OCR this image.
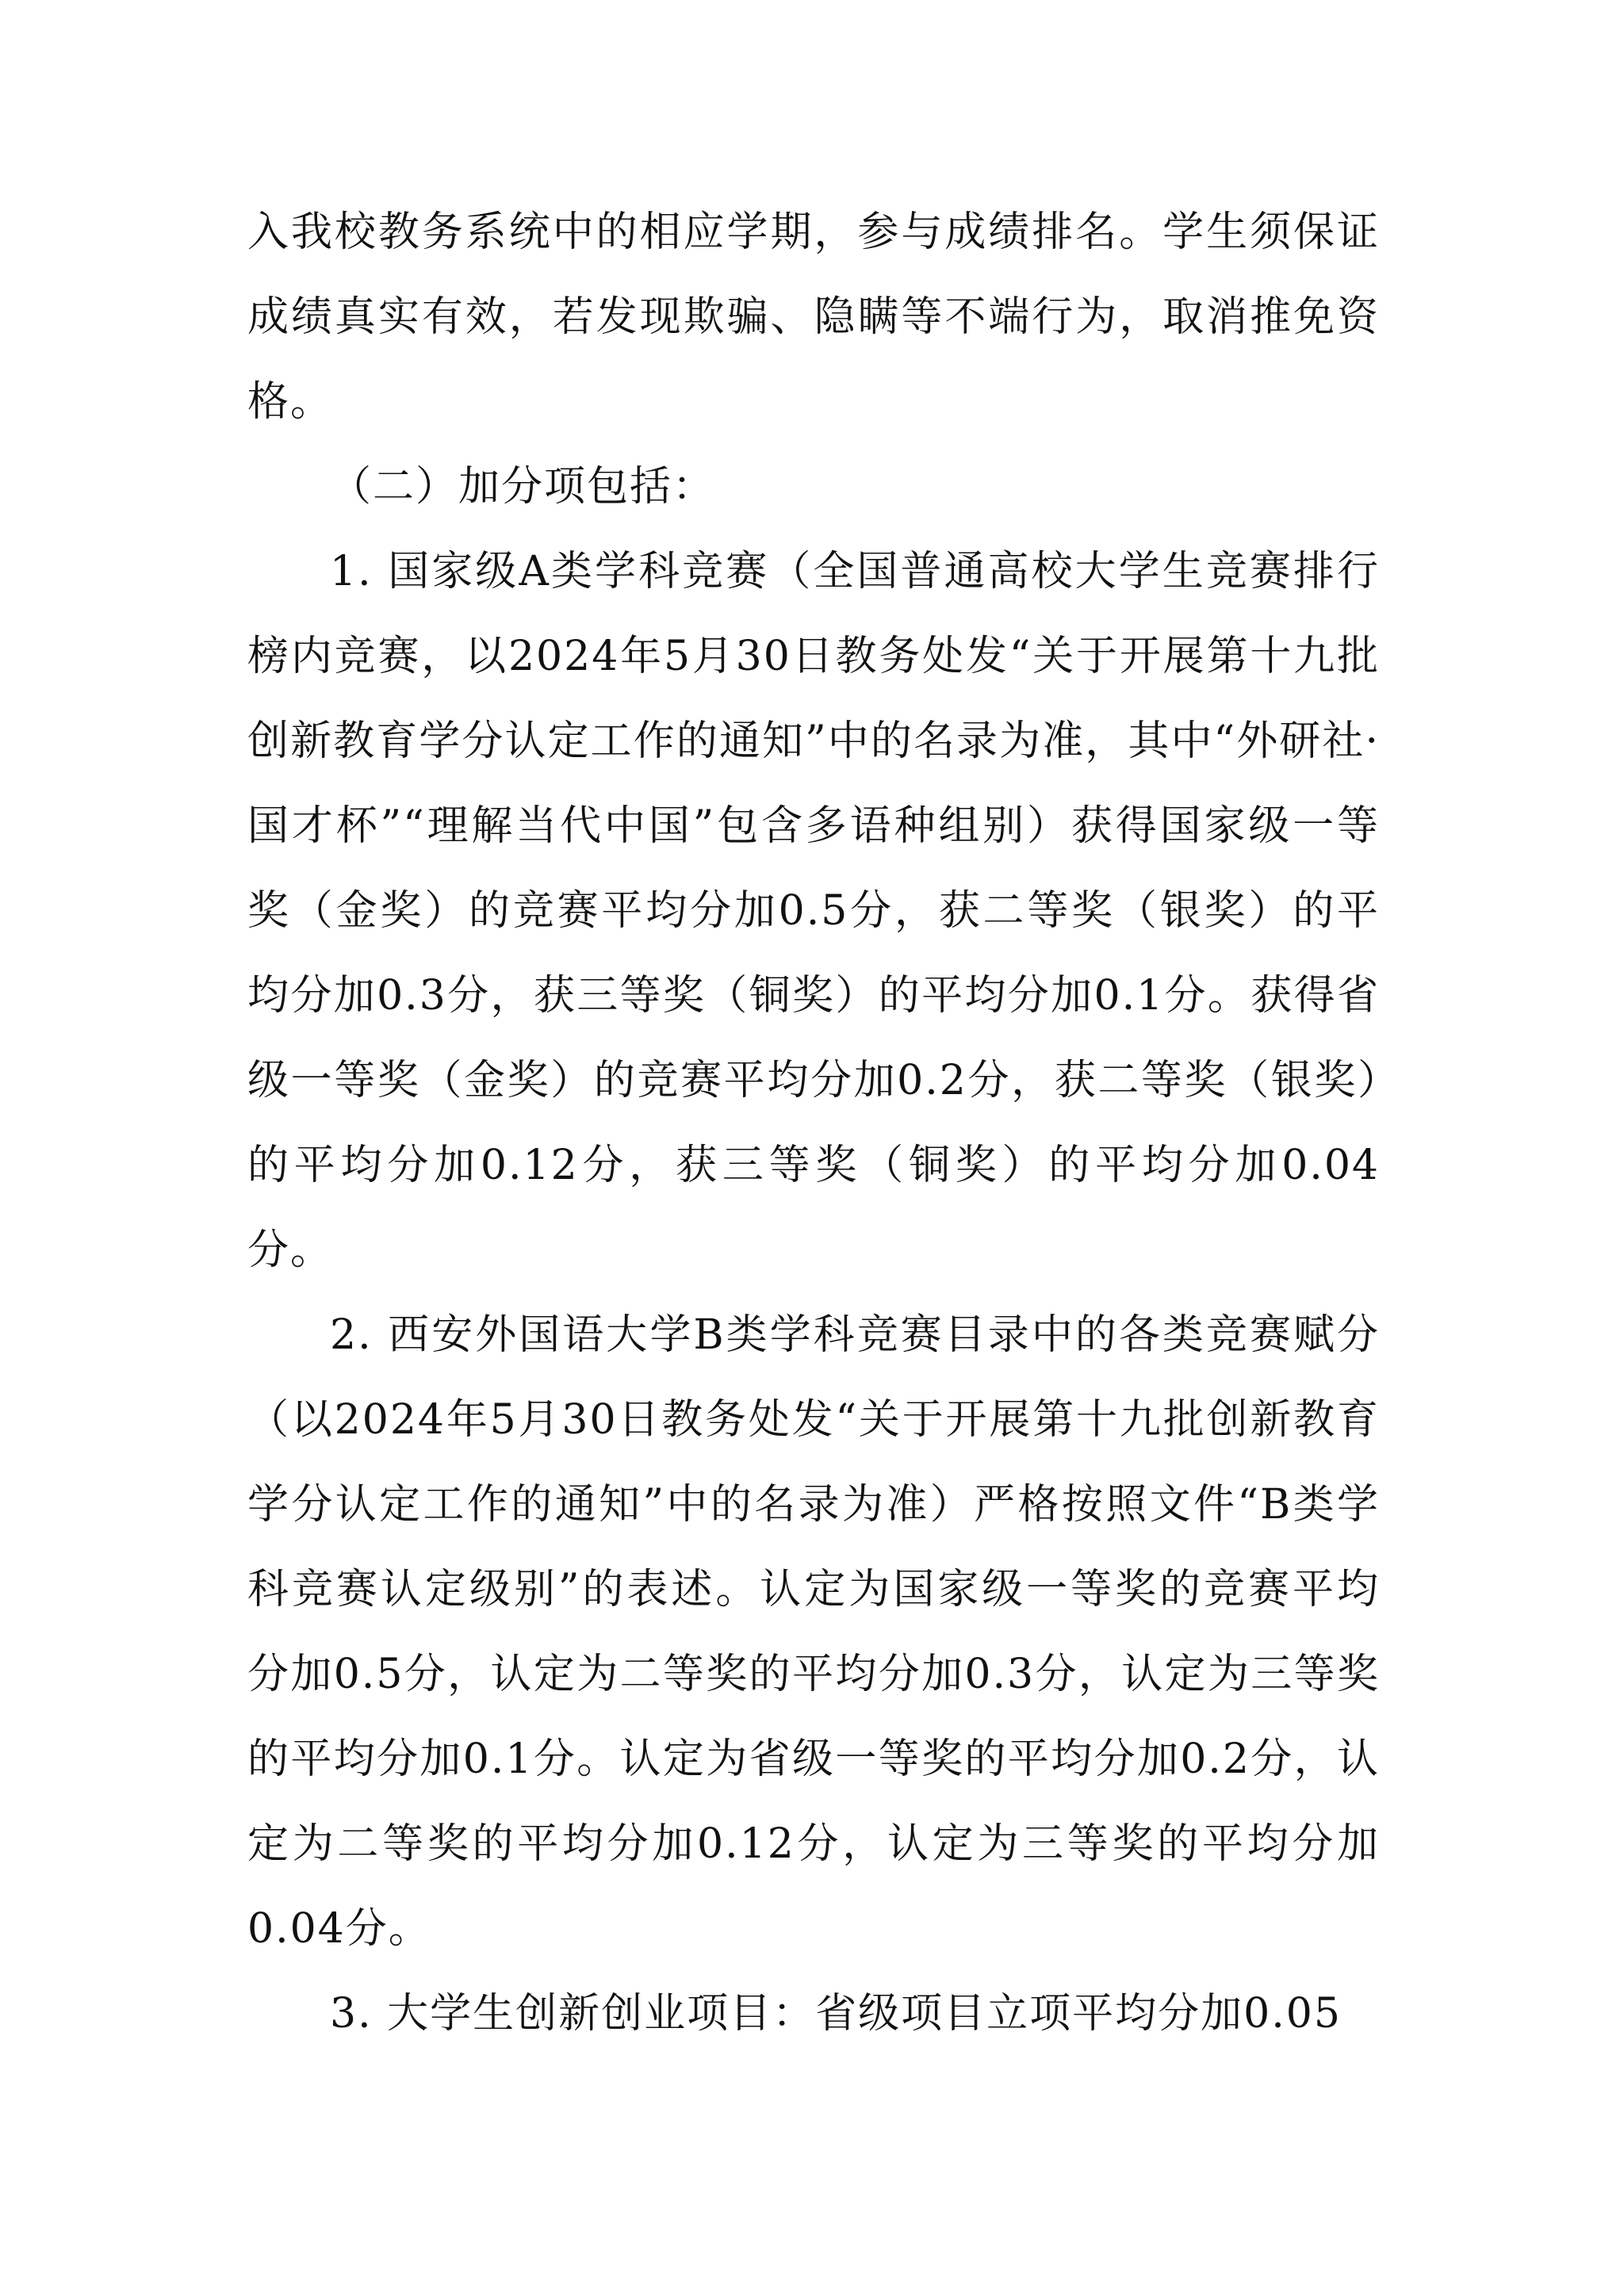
入我校教务系统中的相应学期，参与成绩排名。学生须保证成绩真实有效，若发现欺骗、隐瞒等不端行为，取消推免资格。

（二）加分项包括：

1. 国家级A类学科竞赛（全国普通高校大学生竞赛排行榜内竞赛，以2024年5月30日教务处发“关于开展第十九批创新教育学分认定工作的通知”中的名录为准，其中“外研社·国才杯”“理解当代中国”包含多语种组别）获得国家级一等奖（金奖）的竞赛平均分加0.5分，获二等奖（银奖）的平均分加0.3分，获三等奖（铜奖）的平均分加0.1分。获得省级一等奖（金奖）的竞赛平均分加0.2分，获二等奖（银奖）的平均分加0.12分，获三等奖（铜奖）的平均分加0.04分。

2. 西安外国语大学B类学科竞赛目录中的各类竞赛赋分（以2024年5月30日教务处发“关于开展第十九批创新教育学分认定工作的通知”中的名录为准）严格按照文件“B类学科竞赛认定级别”的表述。认定为国家级一等奖的竞赛平均分加0.5分，认定为二等奖的平均分加0.3分，认定为三等奖的平均分加0.1分。认定为省级一等奖的平均分加0.2分，认定为二等奖的平均分加0.12分，认定为三等奖的平均分加0.04分。

3. 大学生创新创业项目：省级项目立项平均分加0.05
